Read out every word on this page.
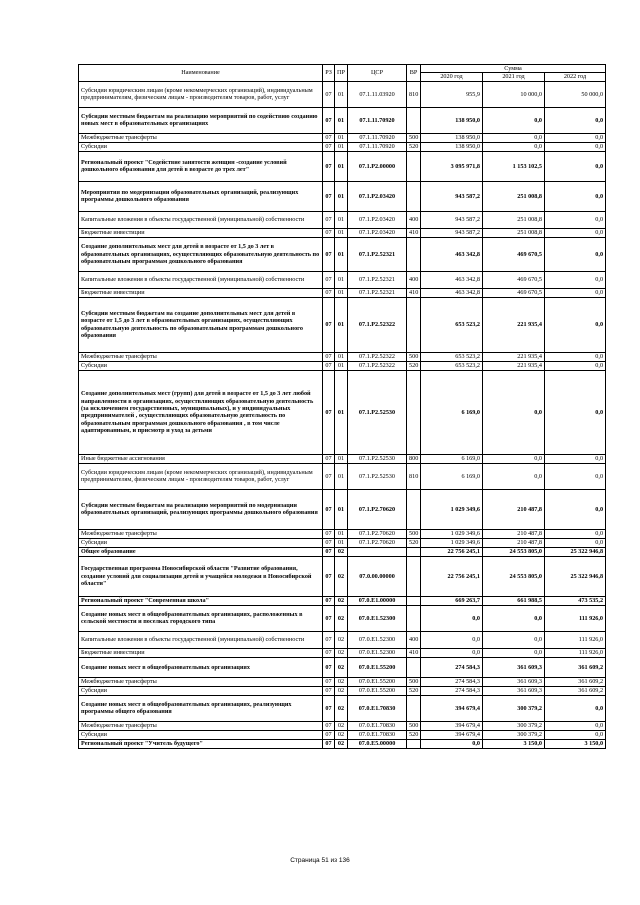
Наименование	РЗ	ПР	ЦСР	ВР	Сумма		
					2020 год	2021 год	2022 год
Субсидии юридическим лицам (кроме некоммерческих организаций), индивидуальным предпринимателям, физическим лицам - производителям товаров, работ, услуг	07	01	07.1.11.03920	810	955,9	10 000,0	50 000,0
Субсидии местным бюджетам на реализацию мероприятий по содействию созданию новых мест в образовательных организациях	07	01	07.1.11.70920		138 950,0	0,0	0,0
Межбюджетные трансферты	07	01	07.1.11.70920	500	138 950,0	0,0	0,0
Субсидии	07	01	07.1.11.70920	520	138 950,0	0,0	0,0
Региональный проект "Содействие занятости женщин -создание условий дошкольного образования для детей в возрасте до трех лет"	07	01	07.1.P2.00000		3 095 971,8	1 153 102,5	0,0
Мероприятия по модернизации образовательных организаций, реализующих программы дошкольного образования	07	01	07.1.P2.03420		943 587,2	251 008,8	0,0
Капитальные вложения в объекты государственной (муниципальной) собственности	07	01	07.1.P2.03420	400	943 587,2	251 008,8	0,0
Бюджетные инвестиции	07	01	07.1.P2.03420	410	943 587,2	251 008,8	0,0
Создание дополнительных мест для детей в возрасте от 1,5 до 3 лет в образовательных организациях, осуществляющих образовательную деятельность по образовательным программам дошкольного образования	07	01	07.1.P2.52321		463 342,8	469 670,5	0,0
Капитальные вложения в объекты государственной (муниципальной) собственности	07	01	07.1.P2.52321	400	463 342,8	469 670,5	0,0
Бюджетные инвестиции	07	01	07.1.P2.52321	410	463 342,8	469 670,5	0,0
Субсидии местным бюджетам на создание дополнительных мест для детей в возрасте от 1,5 до 3 лет в образовательных организациях, осуществляющих образовательную деятельность по образовательным программам дошкольного образования	07	01	07.1.P2.52322		653 523,2	221 935,4	0,0
Межбюджетные трансферты	07	01	07.1.P2.52322	500	653 523,2	221 935,4	0,0
Субсидии	07	01	07.1.P2.52322	520	653 523,2	221 935,4	0,0
Создание дополнительных мест (групп) для детей в возрасте от 1,5 до 3 лет любой направленности в организациях, осуществляющих образовательную деятельность (за исключением государственных, муниципальных), и у индивидуальных предпринимателей , осуществляющих образовательную деятельность по образовательным программам дошкольного образования , в том числе адаптированным, и присмотр и уход за детьми	07	01	07.1.P2.52530		6 169,0	0,0	0,0
Иные бюджетные ассигнования	07	01	07.1.P2.52530	800	6 169,0	0,0	0,0
Субсидии юридическим лицам (кроме некоммерческих организаций), индивидуальным предпринимателям, физическим лицам - производителям товаров, работ, услуг	07	01	07.1.P2.52530	810	6 169,0	0,0	0,0
Субсидии местным бюджетам на реализацию мероприятий по модернизации образовательных организаций, реализующих программы дошкольного образования	07	01	07.1.P2.70620		1 029 349,6	210 487,8	0,0
Межбюджетные трансферты	07	01	07.1.P2.70620	500	1 029 349,6	210 487,8	0,0
Субсидии	07	01	07.1.P2.70620	520	1 029 349,6	210 487,8	0,0
Общее образование	07	02			22 756 245,1	24 553 805,0	25 322 946,8
Государственная программа Новосибирской области "Развитие образования, создание условий для социализации детей и учащейся молодежи в Новосибирской области"	07	02	07.0.00.00000		22 756 245,1	24 553 805,0	25 322 946,8
Региональный проект "Современная школа"	07	02	07.0.E1.00000		669 263,7	661 988,5	473 535,2
Создание новых мест в общеобразовательных организациях, расположенных в сельской местности и поселках городского типа	07	02	07.0.E1.52300		0,0	0,0	111 926,0
Капитальные вложения в объекты государственной (муниципальной) собственности	07	02	07.0.E1.52300	400	0,0	0,0	111 926,0
Бюджетные инвестиции	07	02	07.0.E1.52300	410	0,0	0,0	111 926,0
Создание новых мест в общеобразовательных организациях	07	02	07.0.E1.55200		274 584,3	361 609,3	361 609,2
Межбюджетные трансферты	07	02	07.0.E1.55200	500	274 584,3	361 609,3	361 609,2
Субсидии	07	02	07.0.E1.55200	520	274 584,3	361 609,3	361 609,2
Создание новых мест в общеобразовательных организациях, реализующих программы общего образования	07	02	07.0.E1.70830		394 679,4	300 379,2	0,0
Межбюджетные трансферты	07	02	07.0.E1.70830	500	394 679,4	300 379,2	0,0
Субсидии	07	02	07.0.E1.70830	520	394 679,4	300 379,2	0,0
Региональный проект "Учитель будущего"	07	02	07.0.E5.00000		0,0	3 150,0	3 150,0
Страница 51 из 136
